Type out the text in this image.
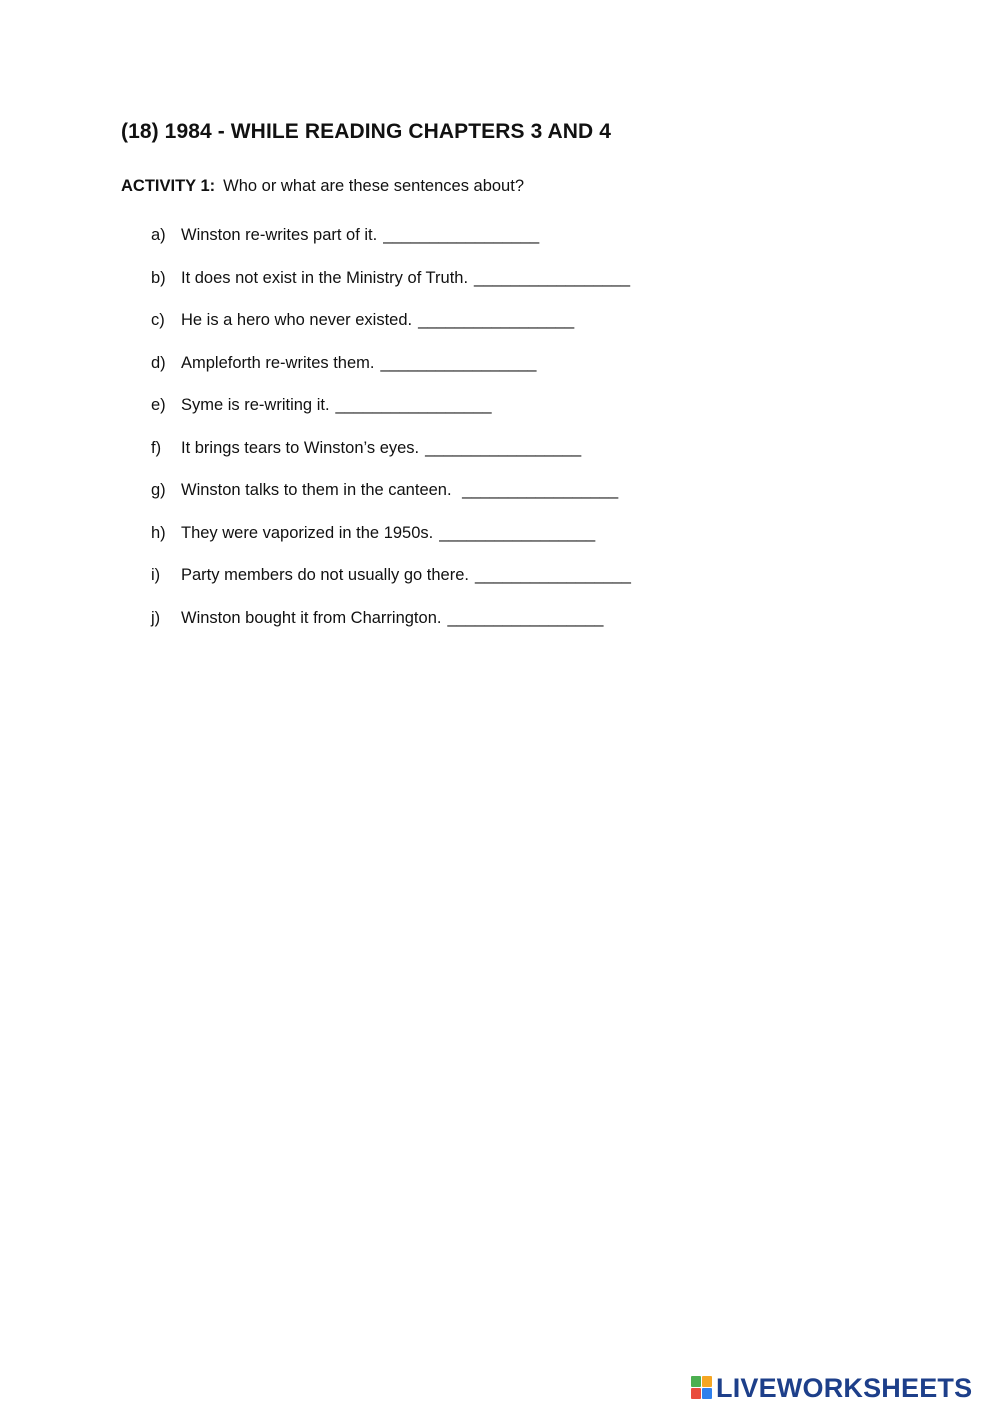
(18) 1984 - WHILE READING CHAPTERS 3 AND 4
ACTIVITY 1: Who or what are these sentences about?
a) Winston re-writes part of it. _________________
b) It does not exist in the Ministry of Truth. _________________
c) He is a hero who never existed. _________________
d) Ampleforth re-writes them. _________________
e) Syme is re-writing it. _________________
f) It brings tears to Winston’s eyes. _________________
g) Winston talks to them in the canteen. _________________
h) They were vaporized in the 1950s. _________________
i) Party members do not usually go there. _________________
j) Winston bought it from Charrington. _________________
LIVEWORKSHEETS
